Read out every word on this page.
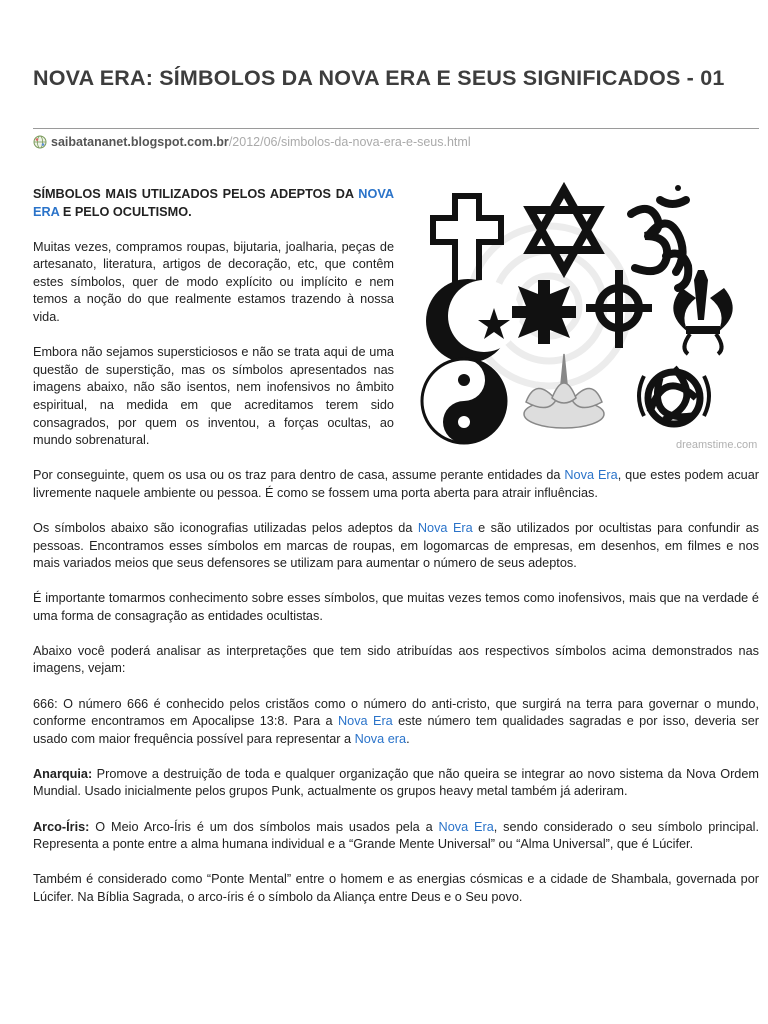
NOVA ERA: SÍMBOLOS DA NOVA ERA E SEUS SIGNIFICADOS - 01
saibatananet.blogspot.com.br/2012/06/simbolos-da-nova-era-e-seus.html
dreamstime.com

SÍMBOLOS MAIS UTILIZADOS PELOS ADEPTOS DA NOVA ERA E PELO OCULTISMO.

Muitas vezes, compramos roupas, bijutaria, joalharia, peças de artesanato, literatura, artigos de decoração, etc, que contêm estes símbolos, quer de modo explícito ou implícito e nem temos a noção do que realmente estamos trazendo à nossa vida.

Embora não sejamos supersticiosos e não se trata aqui de uma questão de superstição, mas os símbolos apresentados nas imagens abaixo, não são isentos, nem inofensivos no âmbito espiritual, na medida em que acreditamos terem sido consagrados, por quem os inventou, a forças ocultas, ao mundo sobrenatural.

Por conseguinte, quem os usa ou os traz para dentro de casa, assume perante entidades da Nova Era, que estes podem acuar livremente naquele ambiente ou pessoa. É como se fossem uma porta aberta para atrair influências.

Os símbolos abaixo são iconografias utilizadas pelos adeptos da Nova Era e são utilizados por ocultistas para confundir as pessoas. Encontramos esses símbolos em marcas de roupas, em logomarcas de empresas, em desenhos, em filmes e nos mais variados meios que seus defensores se utilizam para aumentar o número de seus adeptos.

É importante tomarmos conhecimento sobre esses símbolos, que muitas vezes temos como inofensivos, mais que na verdade é uma forma de consagração as entidades ocultistas.

Abaixo você poderá analisar as interpretações que tem sido atribuídas aos respectivos símbolos acima demonstrados nas imagens, vejam:

666: O número 666 é conhecido pelos cristãos como o número do anti-cristo, que surgirá na terra para governar o mundo, conforme encontramos em Apocalipse 13:8. Para a Nova Era este número tem qualidades sagradas e por isso, deveria ser usado com maior frequência possível para representar a Nova era.

Anarquia: Promove a destruição de toda e qualquer organização que não queira se integrar ao novo sistema da Nova Ordem Mundial. Usado inicialmente pelos grupos Punk, actualmente os grupos heavy metal também já aderiram.

Arco-Íris: O Meio Arco-Íris é um dos símbolos mais usados pela a Nova Era, sendo considerado o seu símbolo principal. Representa a ponte entre a alma humana individual e a “Grande Mente Universal” ou “Alma Universal”, que é Lúcifer.

Também é considerado como “Ponte Mental” entre o homem e as energias cósmicas e a cidade de Shambala, governada por Lúcifer. Na Bíblia Sagrada, o arco-íris é o símbolo da Aliança entre Deus e o Seu povo.
